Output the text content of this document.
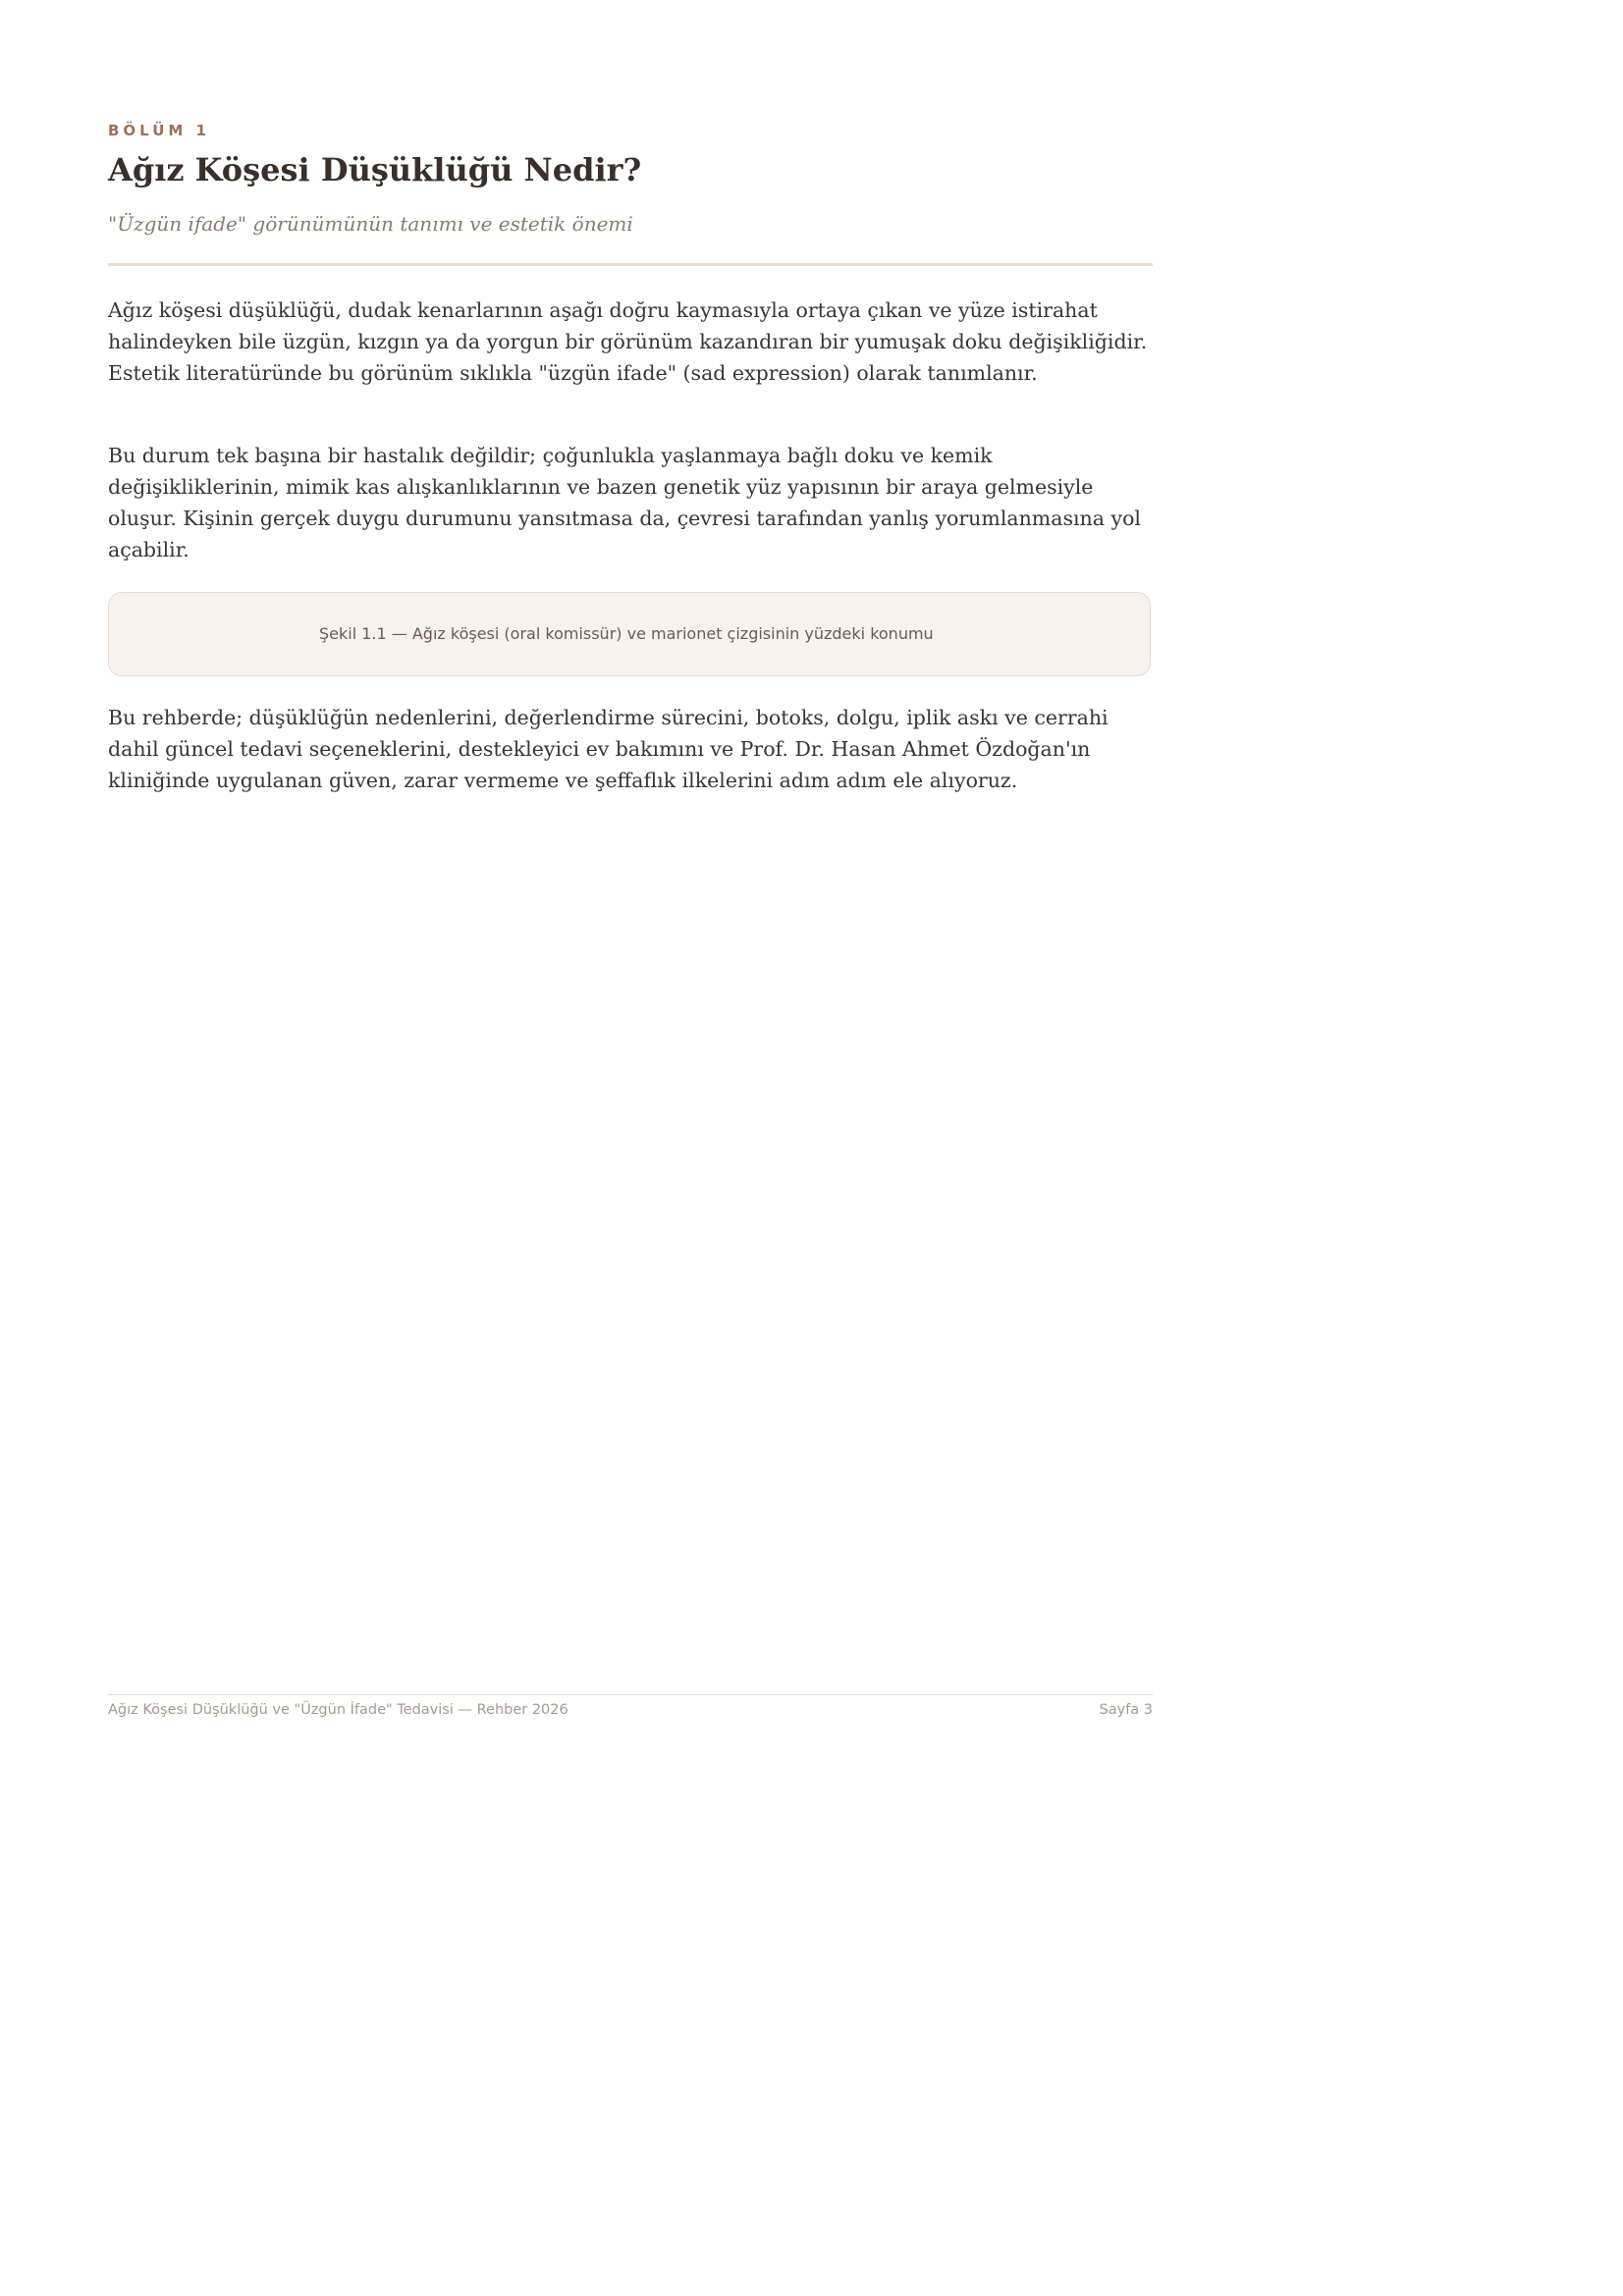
BÖLÜM 1
Ağız Köşesi Düşüklüğü Nedir?
"Üzgün ifade" görünümünün tanımı ve estetik önemi

Ağız köşesi düşüklüğü, dudak kenarlarının aşağı doğru kaymasıyla ortaya çıkan ve yüze istirahat halindeyken bile üzgün, kızgın ya da yorgun bir görünüm kazandıran bir yumuşak doku değişikliğidir. Estetik literatüründe bu görünüm sıklıkla "üzgün ifade" (sad expression) olarak tanımlanır.

Bu durum tek başına bir hastalık değildir; çoğunlukla yaşlanmaya bağlı doku ve kemik değişikliklerinin, mimik kas alışkanlıklarının ve bazen genetik yüz yapısının bir araya gelmesiyle oluşur. Kişinin gerçek duygu durumunu yansıtmasa da, çevresi tarafından yanlış yorumlanmasına yol açabilir.

Şekil 1.1 — Ağız köşesi (oral komissür) ve marionet çizgisinin yüzdeki konumu

Bu rehberde; düşüklüğün nedenlerini, değerlendirme sürecini, botoks, dolgu, iplik askı ve cerrahi dahil güncel tedavi seçeneklerini, destekleyici ev bakımını ve Prof. Dr. Hasan Ahmet Özdoğan'ın kliniğinde uygulanan güven, zarar vermeme ve şeffaflık ilkelerini adım adım ele alıyoruz.

Ağız Köşesi Düşüklüğü ve "Üzgün İfade" Tedavisi — Rehber 2026	Sayfa 3
